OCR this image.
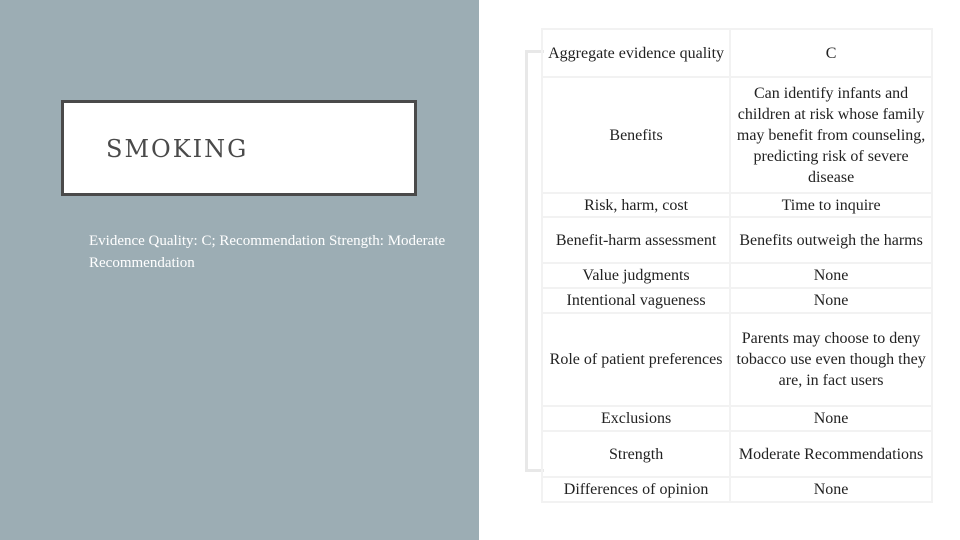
SMOKING
Evidence Quality: C; Recommendation Strength: Moderate Recommendation
Aggregate evidence quality	C
Benefits	Can identify infants and children at risk whose family may benefit from counseling, predicting risk of severe disease
Risk, harm, cost	Time to inquire
Benefit-harm assessment	Benefits outweigh the harms
Value judgments	None
Intentional vagueness	None
Role of patient preferences	Parents may choose to deny tobacco use even though they are, in fact users
Exclusions	None
Strength	Moderate Recommendations
Differences of opinion	None
